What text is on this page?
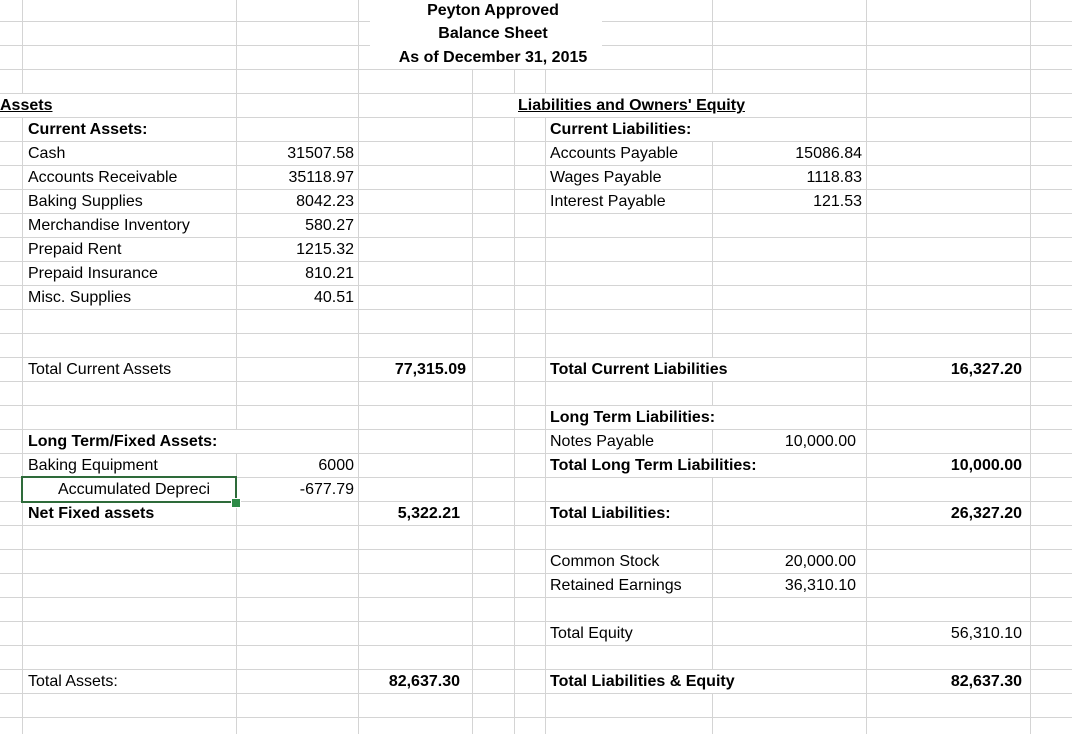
Peyton Approved
Balance Sheet
As of December 31, 2015
Assets
Current Assets:
Cash	31507.58
Accounts Receivable	35118.97
Baking Supplies	8042.23
Merchandise Inventory	580.27
Prepaid Rent	1215.32
Prepaid Insurance	810.21
Misc. Supplies	40.51
Total Current Assets	77,315.09
Long Term/Fixed Assets:
Baking Equipment	6000
Accumulated Depreci	-677.79
Net Fixed assets	5,322.21
Total Assets:	82,637.30
Liabilities and Owners' Equity
Current Liabilities:
Accounts Payable	15086.84
Wages Payable	1118.83
Interest Payable	121.53
Total Current Liabilities	16,327.20
Long Term Liabilities:
Notes Payable	10,000.00
Total Long Term Liabilities:	10,000.00
Total Liabilities:	26,327.20
Common Stock	20,000.00
Retained Earnings	36,310.10
Total Equity	56,310.10
Total Liabilities & Equity	82,637.30
